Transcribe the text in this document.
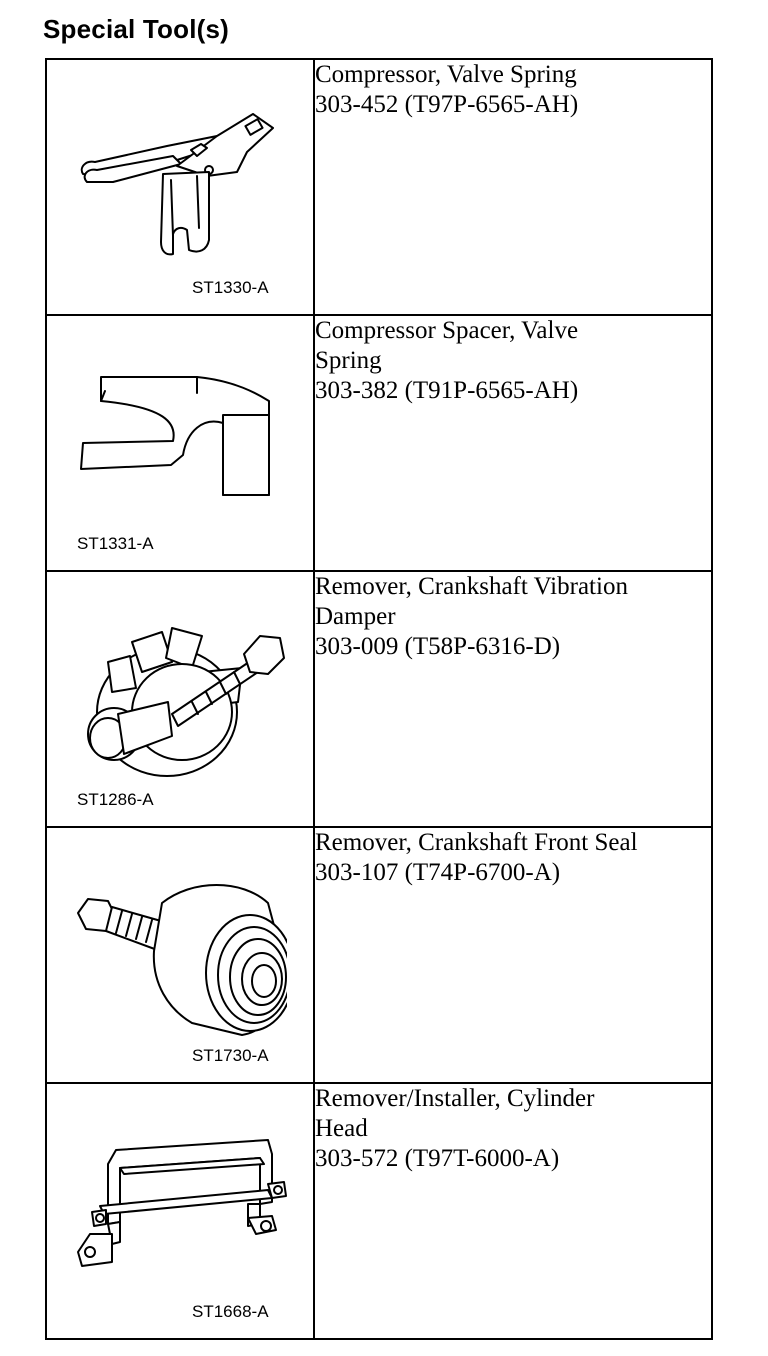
Special Tool(s)
ST1330-A	Compressor, Valve Spring
303-452 (T97P-6565-AH)

ST1331-A	Compressor Spacer, Valve
Spring
303-382 (T91P-6565-AH)

ST1286-A	Remover, Crankshaft Vibration
Damper
303-009 (T58P-6316-D)

ST1730-A	Remover, Crankshaft Front Seal
303-107 (T74P-6700-A)

ST1668-A	Remover/Installer, Cylinder
Head
303-572 (T97T-6000-A)
